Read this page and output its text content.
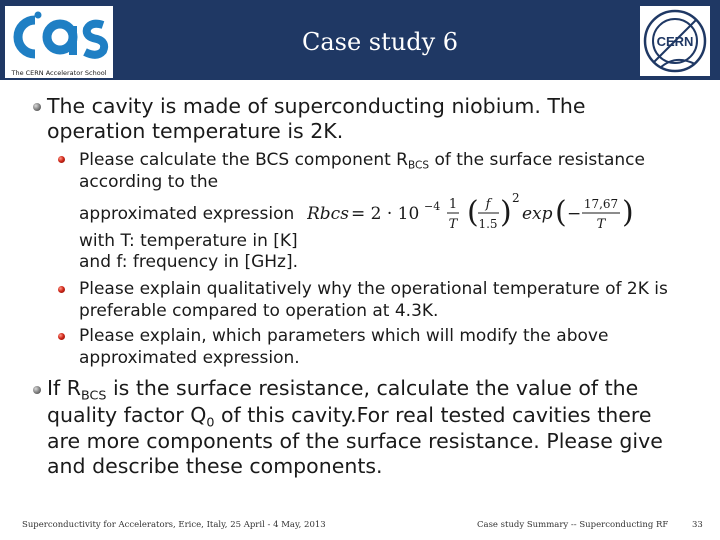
The CERN Accelerator School
Case study 6	CERN
The cavity is made of superconducting niobium. The
operation temperature is 2K.
Please calculate the BCS component $R_{BCS}$ of the surface resistance
according to the
approximated expression Rbcs = 2 · 10 −4 1
T ( f
1.5 ) 2
exp ( − 17,67
T )
with T: temperature in [K]
and f: frequency in [GHz].
Please explain qualitatively why the operational temperature of 2K is
preferable compared to operation at 4.3K.
Please explain, which parameters which will modify the above
approximated expression.
If $R_{BCS}$ is the surface resistance, calculate the value of the
quality factor $Q_0$ of this cavity.For real tested cavities there
are more components of the surface resistance. Please give
and describe these components.
Superconductivity for Accelerators, Erice, Italy, 25 April - 4 May, 2013	Case study Summary -- Superconducting RF	33
